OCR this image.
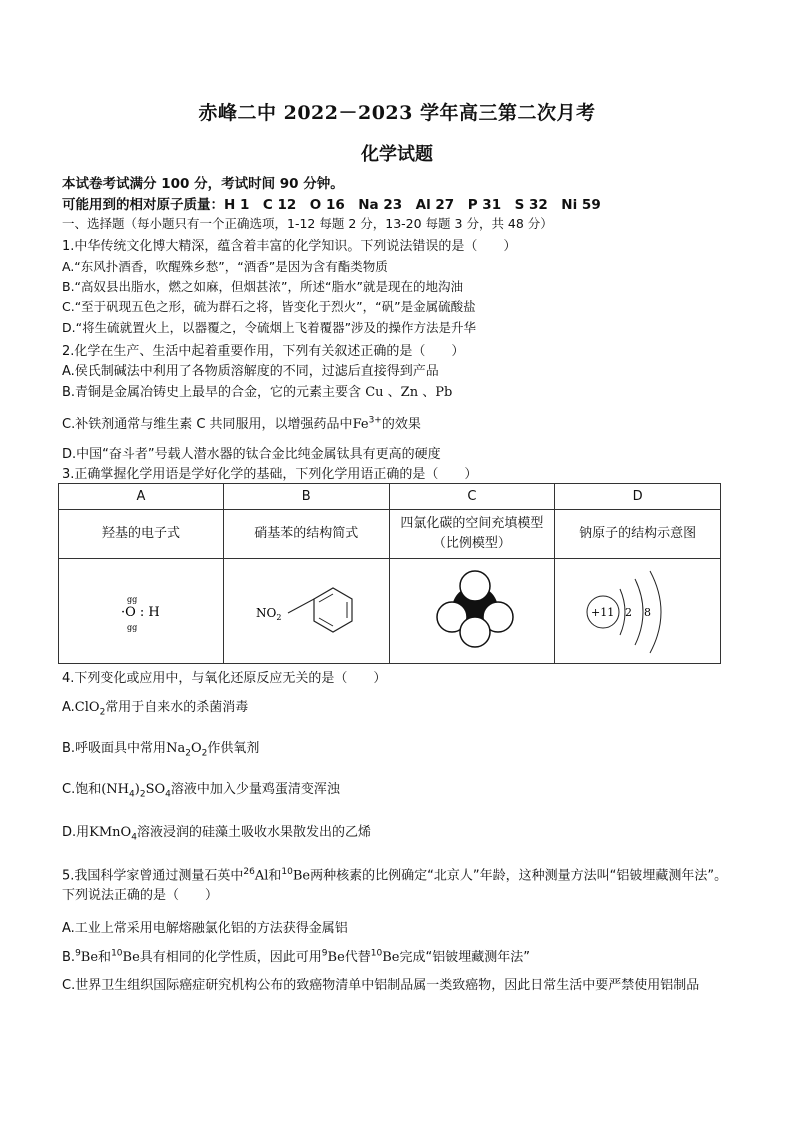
赤峰二中 2022－2023 学年高三第二次月考
化学试题
本试卷考试满分 100 分，考试时间 90 分钟。
可能用到的相对原子质量：H 1　C 12　O 16　Na 23　Al 27　P 31　S 32　Ni 59
一、选择题（每小题只有一个正确选项，1-12 每题 2 分，13-20 每题 3 分，共 48 分）
1.中华传统文化博大精深，蕴含着丰富的化学知识。下列说法错误的是（　　）
A.“东风扑酒香，吹醒殊乡愁”，“酒香”是因为含有酯类物质
B.“高奴县出脂水，燃之如麻，但烟甚浓”，所述“脂水”就是现在的地沟油
C.“至于矾现五色之形，硫为群石之将，皆变化于烈火”，“矾”是金属硫酸盐
D.“将生硫就置火上，以器覆之，令硫烟上飞着覆器”涉及的操作方法是升华
2.化学在生产、生活中起着重要作用，下列有关叙述正确的是（　　）
A.侯氏制碱法中利用了各物质溶解度的不同，过滤后直接得到产品
B.青铜是金属冶铸史上最早的合金，它的元素主要含 Cu 、Zn 、Pb
C.补铁剂通常与维生素 C 共同服用，以增强药品中$Fe^{3+}$的效果
D.中国“奋斗者”号载人潜水器的钛合金比纯金属钛具有更高的硬度
3.正确掌握化学用语是学好化学的基础，下列化学用语正确的是（　　）
A	B	C	D
羟基的电子式	硝基苯的结构简式	四氯化碳的空间充填模型（比例模型）	钠原子的结构示意图

gg
·O : H
gg	$NO_2$		+11 2 8
4.下列变化或应用中，与氧化还原反应无关的是（　　）
A.ClO$_2$常用于自来水的杀菌消毒
B.呼吸面具中常用$Na_2O_2$作供氧剂
C.饱和$(NH_4)_2SO_4$溶液中加入少量鸡蛋清变浑浊
D.用KMnO$_4$溶液浸润的硅藻土吸收水果散发出的乙烯
5.我国科学家曾通过测量石英中$^{26}$Al和$^{10}$Be两种核素的比例确定“北京人”年龄，这种测量方法叫“铝铍埋藏测年法”。下列说法正确的是（　　）
A.工业上常采用电解熔融氯化铝的方法获得金属铝
B.$^9$Be和$^{10}$Be具有相同的化学性质，因此可用$^9$Be代替$^{10}$Be完成“铝铍埋藏测年法”
C.世界卫生组织国际癌症研究机构公布的致癌物清单中铝制品属一类致癌物，因此日常生活中要严禁使用铝制品
